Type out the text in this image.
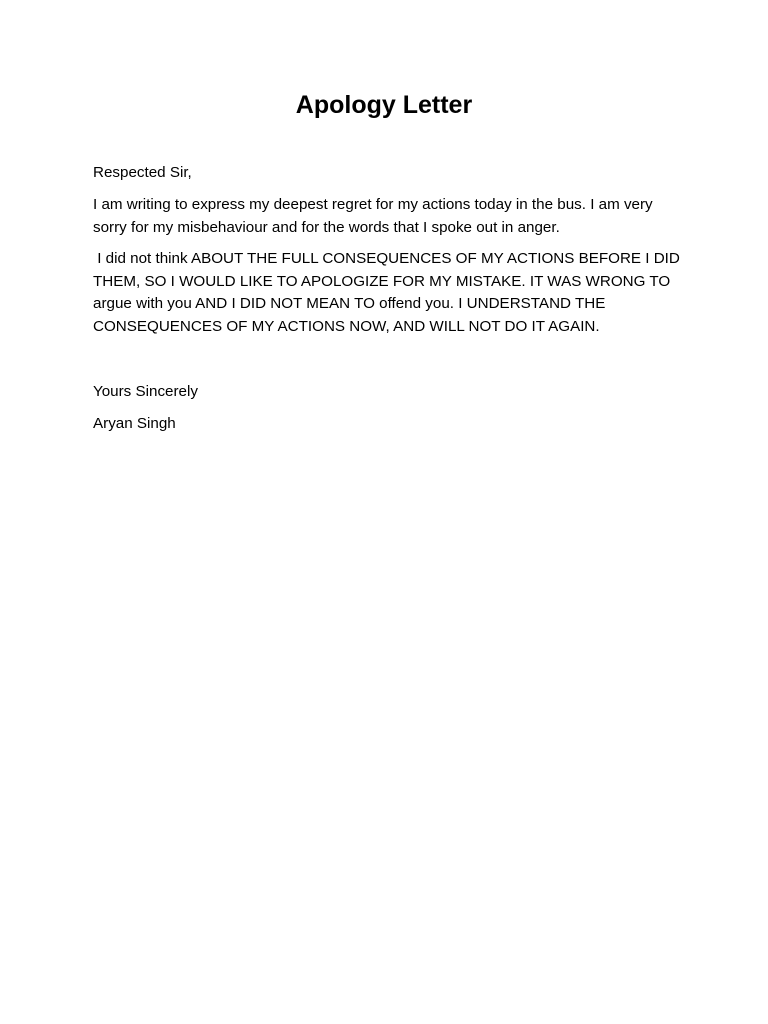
Apology Letter

Respected Sir,

I am writing to express my deepest regret for my actions today in the bus. I am very sorry for my misbehaviour and for the words that I spoke out in anger.

I did not think ABOUT THE FULL CONSEQUENCES OF MY ACTIONS BEFORE I DID THEM, SO I WOULD LIKE TO APOLOGIZE FOR MY MISTAKE. IT WAS WRONG TO argue with you AND I DID NOT MEAN TO offend you. I UNDERSTAND THE CONSEQUENCES OF MY ACTIONS NOW, AND WILL NOT DO IT AGAIN.

Yours Sincerely

Aryan Singh
